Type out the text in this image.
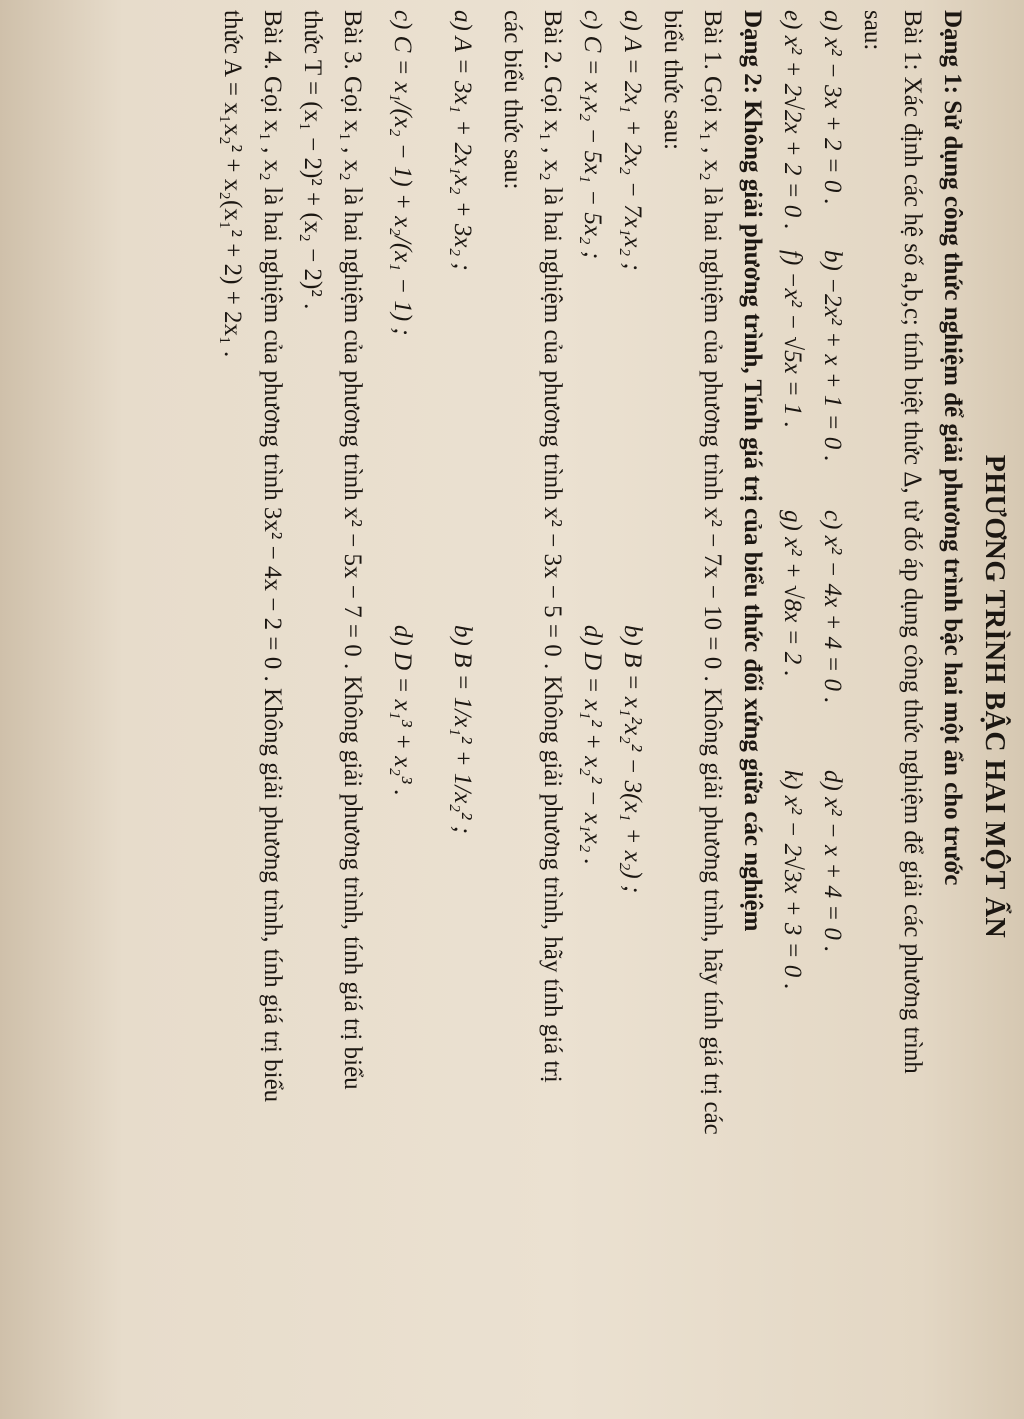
PHƯƠNG TRÌNH BẬC HAI MỘT ẨN
Dạng 1: Sử dụng công thức nghiệm để giải phương trình bậc hai một ẩn cho trước
Bài 1: Xác định các hệ số a,b,c; tính biệt thức Δ, từ đó áp dụng công thức nghiệm để giải các phương trình
sau:
a) x² − 3x + 2 = 0 .
b) −2x² + x + 1 = 0 .
c) x² − 4x + 4 = 0 .
d) x² − x + 4 = 0 .
e) x² + 2√2x + 2 = 0 .
f) −x² − √5x = 1 .
g) x² + √8x = 2 .
k) x² − 2√3x + 3 = 0 .
Dạng 2: Không giải phương trình, Tính giá trị của biểu thức đối xứng giữa các nghiệm
Bài 1. Gọi x₁ , x₂ là hai nghiệm của phương trình x² − 7x − 10 = 0 . Không giải phương trình, hãy tính giá trị các
biểu thức sau:
a) A = 2x₁ + 2x₂ − 7x₁x₂ ;
b) B = x₁²x₂² − 3(x₁ + x₂) ;
c) C = x₁x₂ − 5x₁ − 5x₂ ;
d) D = x₁² + x₂² − x₁x₂ .
Bài 2. Gọi x₁ , x₂ là hai nghiệm của phương trình x² − 3x − 5 = 0 . Không giải phương trình, hãy tính giá trị
các biểu thức sau:
a) A = 3x₁ + 2x₁x₂ + 3x₂ ;
b) B = 1/x₁² + 1/x₂² ;
c) C = x₁/(x₂ − 1) + x₂/(x₁ − 1) ;
d) D = x₁³ + x₂³ .
Bài 3. Gọi x₁ , x₂ là hai nghiệm của phương trình x² − 5x − 7 = 0 . Không giải phương trình, tính giá trị biểu
thức T = (x₁ − 2)² + (x₂ − 2)² .
Bài 4. Gọi x₁ , x₂ là hai nghiệm của phương trình 3x² − 4x − 2 = 0 . Không giải phương trình, tính giá trị biểu
thức A = x₁x₂² + x₂(x₁² + 2) + 2x₁ .
